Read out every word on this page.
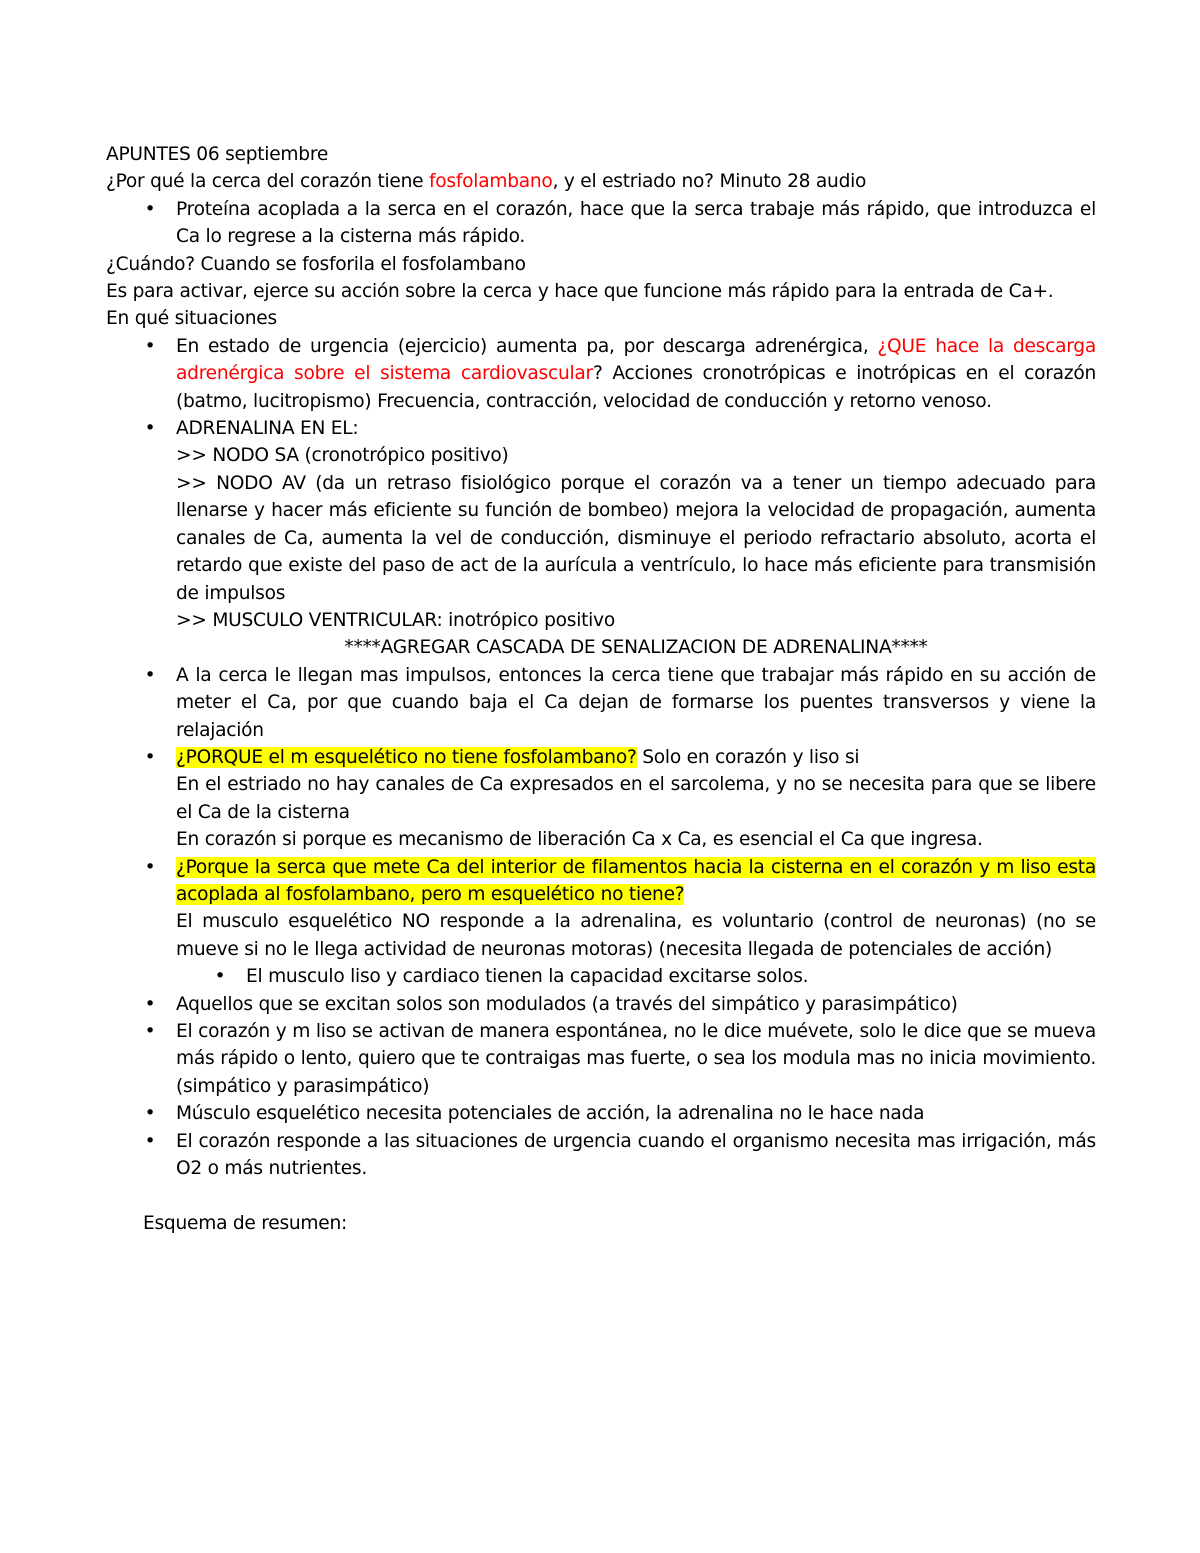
APUNTES 06 septiembre
¿Por qué la cerca del corazón tiene fosfolambano, y el estriado no? Minuto 28 audio
• Proteína acoplada a la serca en el corazón, hace que la serca trabaje más rápido, que introduzca el Ca lo regrese a la cisterna más rápido.
¿Cuándo? Cuando se fosforila el fosfolambano
Es para activar, ejerce su acción sobre la cerca y hace que funcione más rápido para la entrada de Ca+.
En qué situaciones
• En estado de urgencia (ejercicio) aumenta pa, por descarga adrenérgica, ¿QUE hace la descarga adrenérgica sobre el sistema cardiovascular? Acciones cronotrópicas e inotrópicas en el corazón (batmo, lucitropismo) Frecuencia, contracción, velocidad de conducción y retorno venoso.
• ADRENALINA EN EL:
>> NODO SA (cronotrópico positivo)
>> NODO AV (da un retraso fisiológico porque el corazón va a tener un tiempo adecuado para llenarse y hacer más eficiente su función de bombeo) mejora la velocidad de propagación, aumenta canales de Ca, aumenta la vel de conducción, disminuye el periodo refractario absoluto, acorta el retardo que existe del paso de act de la aurícula a ventrículo, lo hace más eficiente para transmisión de impulsos
>> MUSCULO VENTRICULAR: inotrópico positivo
****AGREGAR CASCADA DE SENALIZACION DE ADRENALINA****
• A la cerca le llegan mas impulsos, entonces la cerca tiene que trabajar más rápido en su acción de meter el Ca, por que cuando baja el Ca dejan de formarse los puentes transversos y viene la relajación
• ¿PORQUE el m esquelético no tiene fosfolambano? Solo en corazón y liso si
En el estriado no hay canales de Ca expresados en el sarcolema, y no se necesita para que se libere el Ca de la cisterna
En corazón si porque es mecanismo de liberación Ca x Ca, es esencial el Ca que ingresa.
• ¿Porque la serca que mete Ca del interior de filamentos hacia la cisterna en el corazón y m liso esta acoplada al fosfolambano, pero m esquelético no tiene?
El musculo esquelético NO responde a la adrenalina, es voluntario (control de neuronas) (no se mueve si no le llega actividad de neuronas motoras) (necesita llegada de potenciales de acción)
• El musculo liso y cardiaco tienen la capacidad excitarse solos.
• Aquellos que se excitan solos son modulados (a través del simpático y parasimpático)
• El corazón y m liso se activan de manera espontánea, no le dice muévete, solo le dice que se mueva más rápido o lento, quiero que te contraigas mas fuerte, o sea los modula mas no inicia movimiento. (simpático y parasimpático)
• Músculo esquelético necesita potenciales de acción, la adrenalina no le hace nada
• El corazón responde a las situaciones de urgencia cuando el organismo necesita mas irrigación, más O2 o más nutrientes.
Esquema de resumen:
